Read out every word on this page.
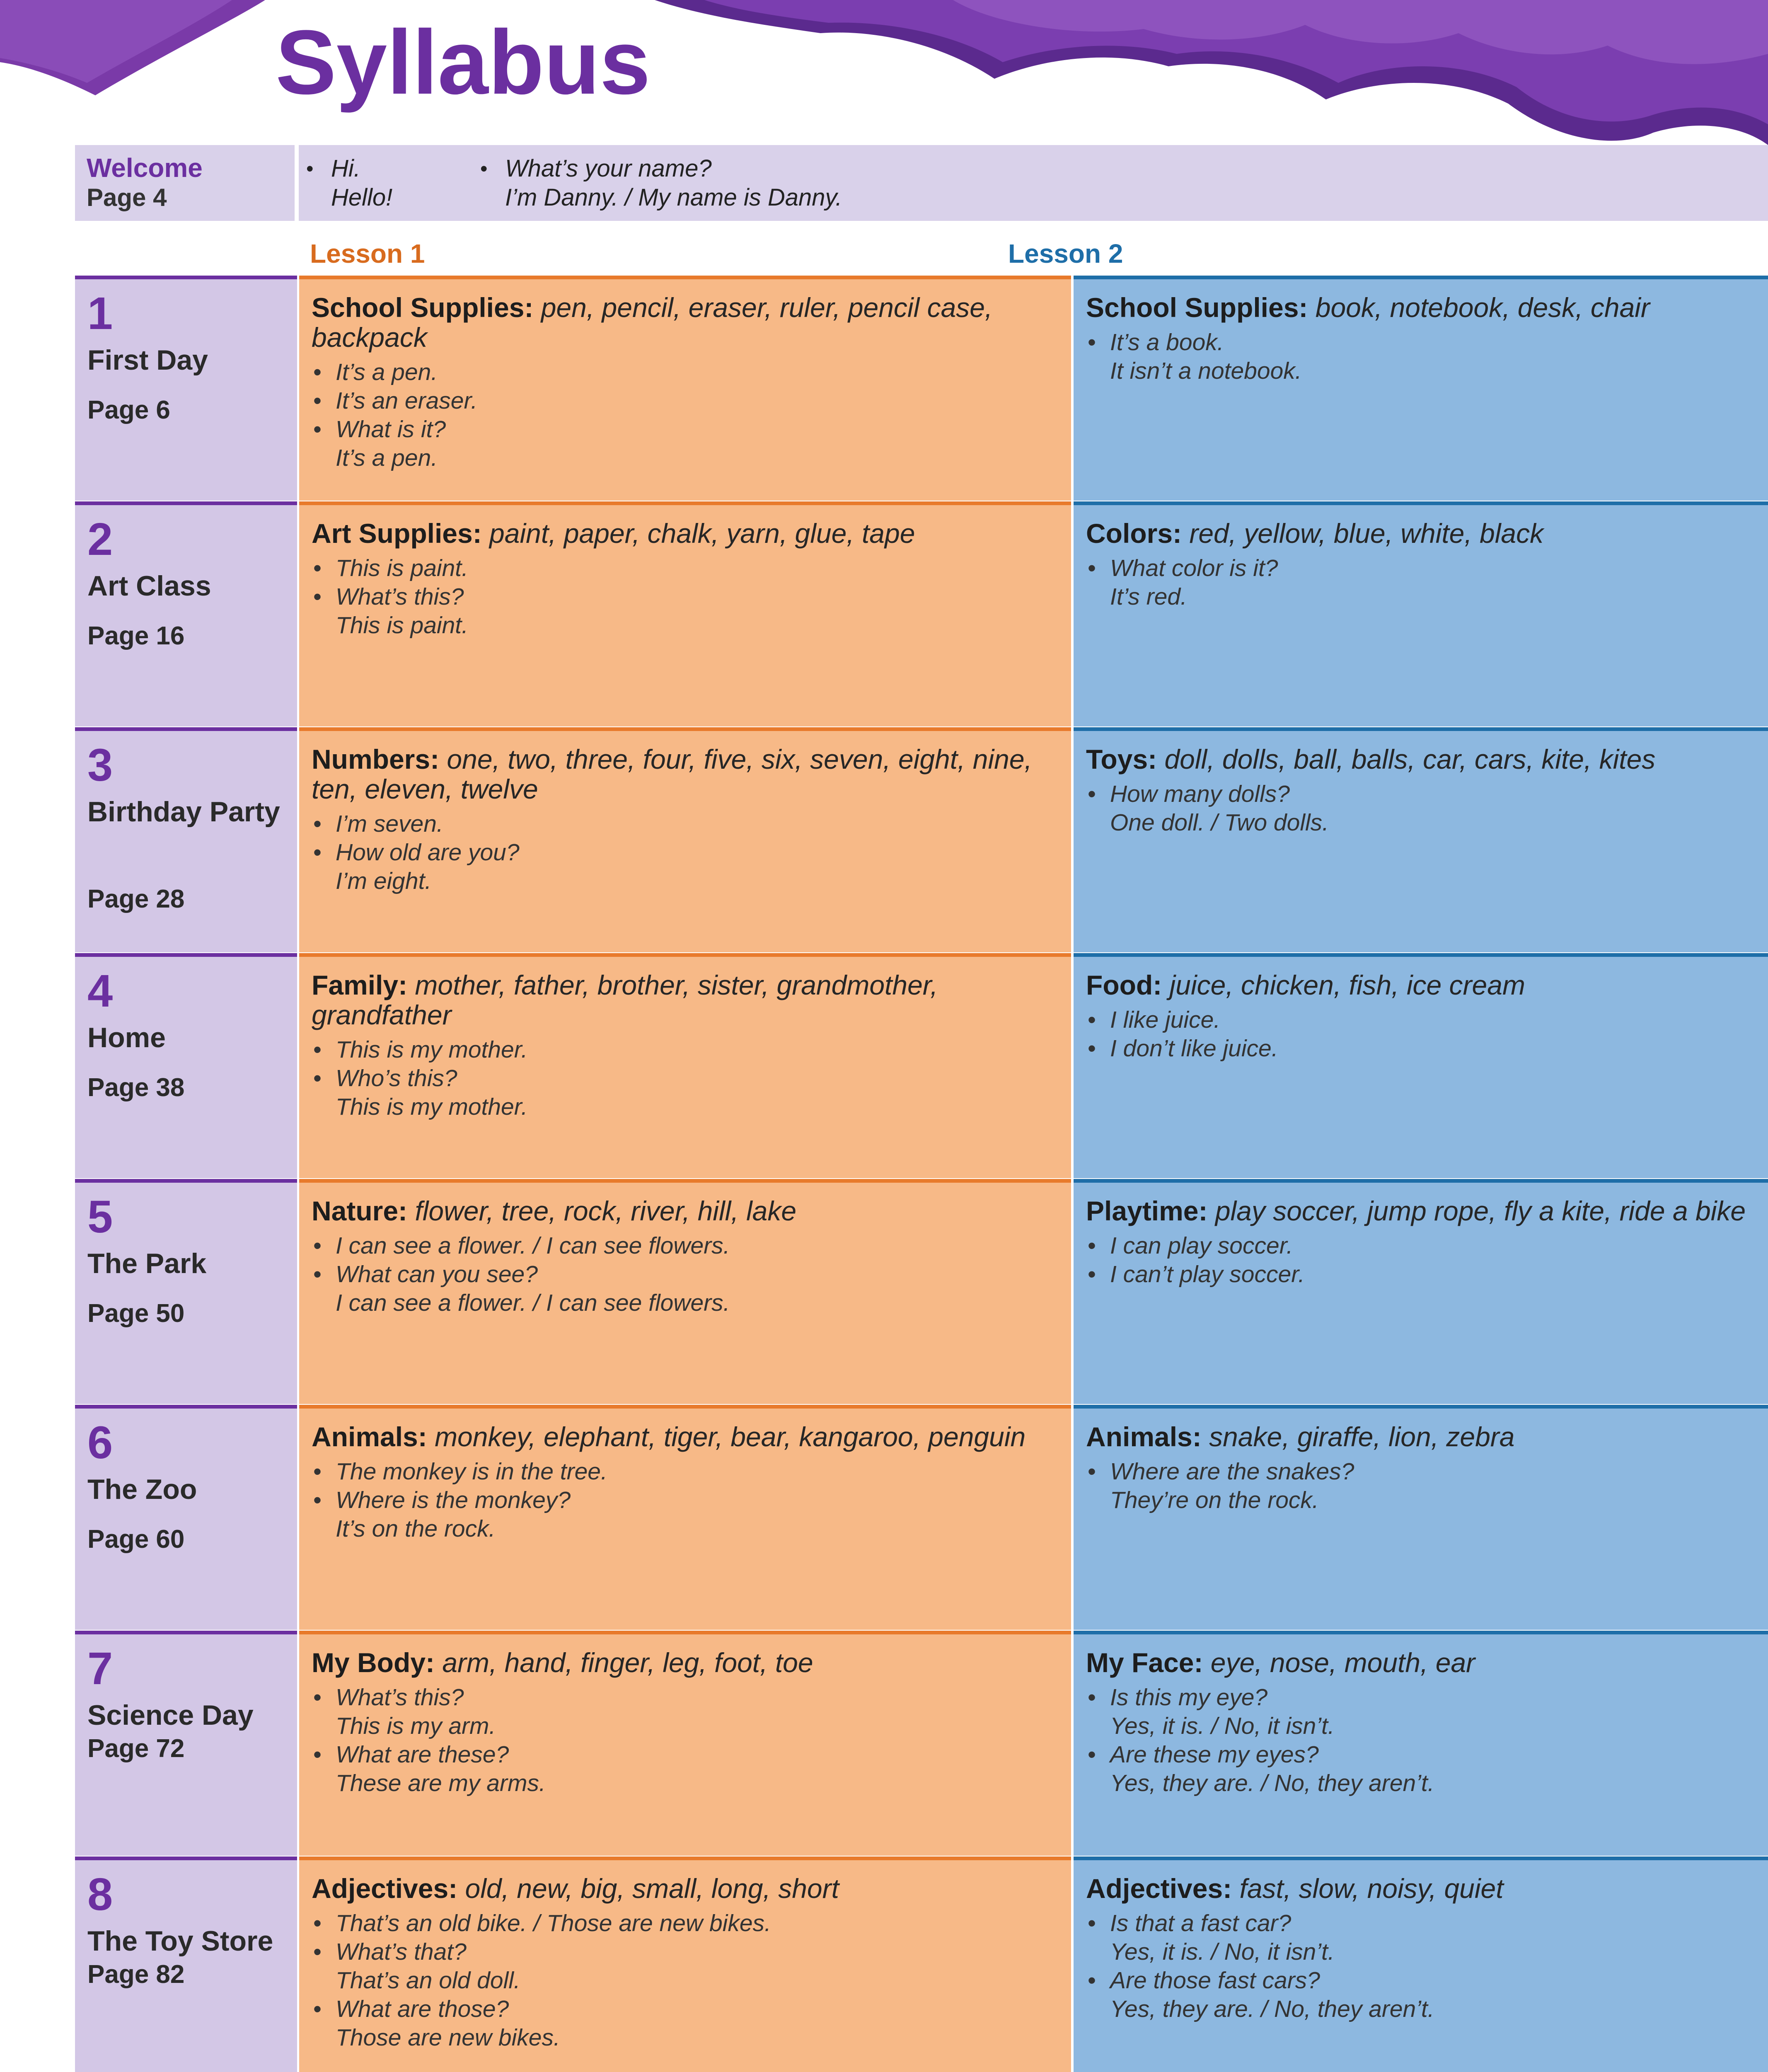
Syllabus
Welcome
Page 4
• Hi.
Hello!
• What’s your name?
I’m Danny. / My name is Danny.
Lesson 1	Lesson 2
1
First Day
Page 6

School Supplies: pen, pencil, eraser, ruler, pencil case, backpack

• It’s a pen.
• It’s an eraser.
• What is it?
It’s a pen.

School Supplies: book, notebook, desk, chair

• It’s a book.
It isn’t a notebook.
2
Art Class
Page 16

Art Supplies: paint, paper, chalk, yarn, glue, tape

• This is paint.
• What’s this?
This is paint.

Colors: red, yellow, blue, white, black

• What color is it?
It’s red.
3
Birthday Party
Page 28

Numbers: one, two, three, four, five, six, seven, eight, nine, ten, eleven, twelve

• I’m seven.
• How old are you?
I’m eight.

Toys: doll, dolls, ball, balls, car, cars, kite, kites

• How many dolls?
One doll. / Two dolls.
4
Home
Page 38

Family: mother, father, brother, sister, grandmother, grandfather

• This is my mother.
• Who’s this?
This is my mother.

Food: juice, chicken, fish, ice cream

• I like juice.
• I don’t like juice.
5
The Park
Page 50

Nature: flower, tree, rock, river, hill, lake

• I can see a flower. / I can see flowers.
• What can you see?
I can see a flower. / I can see flowers.

Playtime: play soccer, jump rope, fly a kite, ride a bike

• I can play soccer.
• I can’t play soccer.
6
The Zoo
Page 60

Animals: monkey, elephant, tiger, bear, kangaroo, penguin

• The monkey is in the tree.
• Where is the monkey?
It’s on the rock.

Animals: snake, giraffe, lion, zebra

• Where are the snakes?
They’re on the rock.
7
Science Day
Page 72

My Body: arm, hand, finger, leg, foot, toe

• What’s this?
This is my arm.
• What are these?
These are my arms.

My Face: eye, nose, mouth, ear

• Is this my eye?
Yes, it is. / No, it isn’t.
• Are these my eyes?
Yes, they are. / No, they aren’t.
8
The Toy Store
Page 82

Adjectives: old, new, big, small, long, short

• That’s an old bike. / Those are new bikes.
• What’s that?
That’s an old doll.
• What are those?
Those are new bikes.

Adjectives: fast, slow, noisy, quiet

• Is that a fast car?
Yes, it is. / No, it isn’t.
• Are those fast cars?
Yes, they are. / No, they aren’t.
